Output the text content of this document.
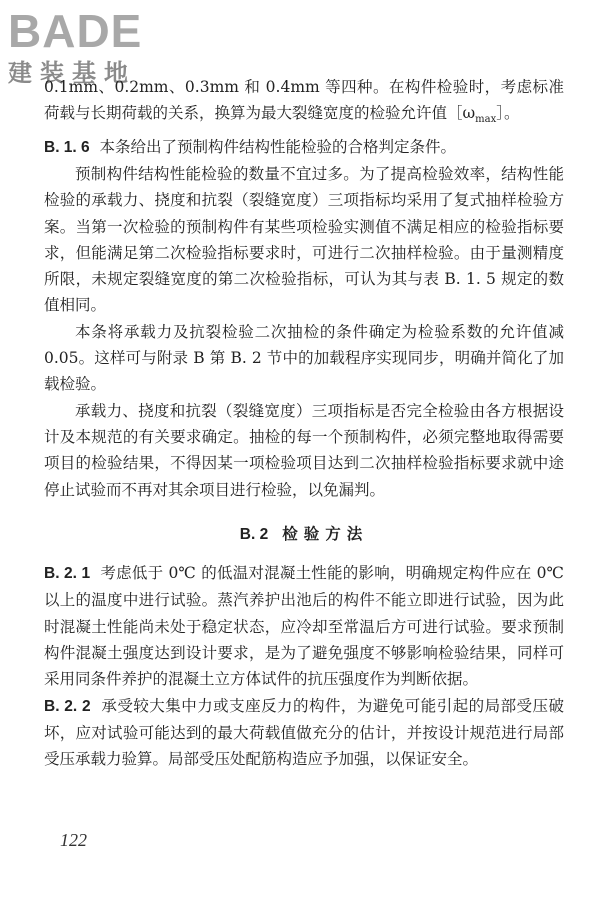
BADE
建装基地

0.1mm、0.2mm、0.3mm 和 0.4mm 等四种。在构件检验时，考虑标准荷载与长期荷载的关系，换算为最大裂缝宽度的检验允许值$[\omega_{max}]$。

B. 1. 6 本条给出了预制构件结构性能检验的合格判定条件。

预制构件结构性能检验的数量不宜过多。为了提高检验效率，结构性能检验的承载力、挠度和抗裂（裂缝宽度）三项指标均采用了复式抽样检验方案。当第一次检验的预制构件有某些项检验实测值不满足相应的检验指标要求，但能满足第二次检验指标要求时，可进行二次抽样检验。由于量测精度所限，未规定裂缝宽度的第二次检验指标，可认为其与表 B. 1. 5 规定的数值相同。

本条将承载力及抗裂检验二次抽检的条件确定为检验系数的允许值减 0.05。这样可与附录 B 第 B. 2 节中的加载程序实现同步，明确并简化了加载检验。

承载力、挠度和抗裂（裂缝宽度）三项指标是否完全检验由各方根据设计及本规范的有关要求确定。抽检的每一个预制构件，必须完整地取得需要项目的检验结果，不得因某一项检验项目达到二次抽样检验指标要求就中途停止试验而不再对其余项目进行检验，以免漏判。

B. 2 检验方法

B. 2. 1 考虑低于 0℃ 的低温对混凝土性能的影响，明确规定构件应在 0℃ 以上的温度中进行试验。蒸汽养护出池后的构件不能立即进行试验，因为此时混凝土性能尚未处于稳定状态，应冷却至常温后方可进行试验。要求预制构件混凝土强度达到设计要求，是为了避免强度不够影响检验结果，同样可采用同条件养护的混凝土立方体试件的抗压强度作为判断依据。

B. 2. 2 承受较大集中力或支座反力的构件，为避免可能引起的局部受压破坏，应对试验可能达到的最大荷载值做充分的估计，并按设计规范进行局部受压承载力验算。局部受压处配筋构造应予加强，以保证安全。

122
